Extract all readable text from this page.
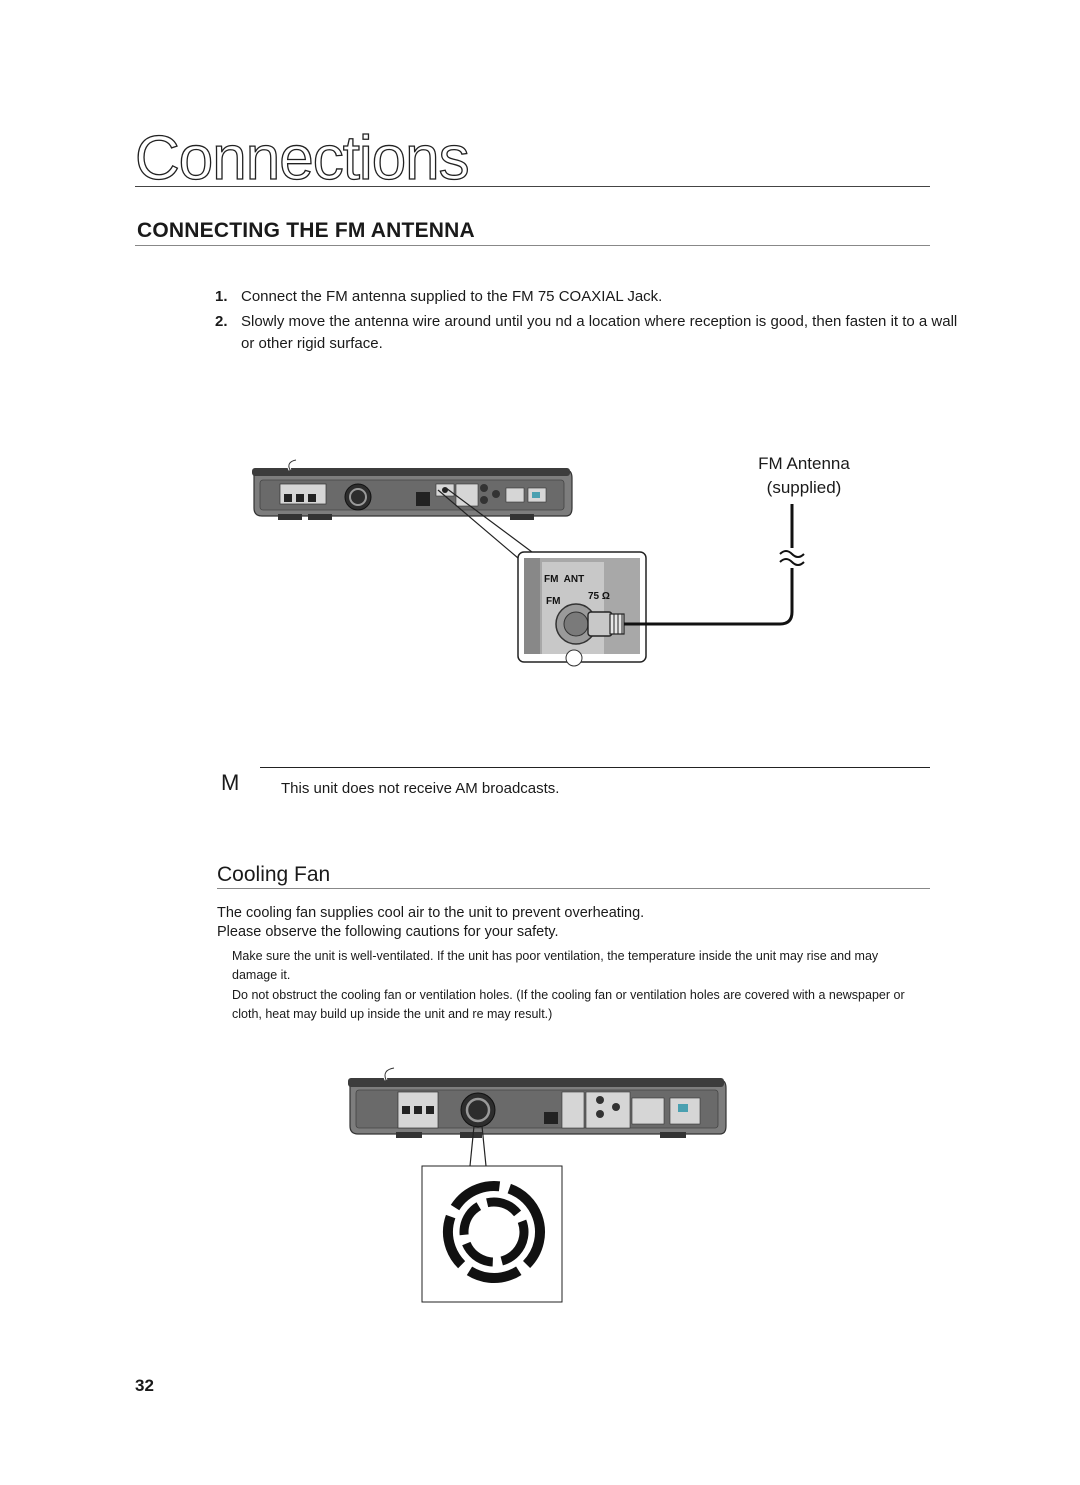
Connections
CONNECTING THE FM ANTENNA
1. Connect the FM antenna supplied to the FM 75 COAXIAL Jack.
2. Slowly move the antenna wire around until you nd a location where reception is good, then fasten it to a wall or other rigid surface.
FM  ANT
FM	75 Ω
FM Antenna
(supplied)
M	This unit does not receive AM broadcasts.
Cooling Fan
The cooling fan supplies cool air to the unit to prevent overheating.
Please observe the following cautions for your safety.
Make sure the unit is well-ventilated. If the unit has poor ventilation, the temperature inside the unit may rise and may damage it.
Do not obstruct the cooling fan or ventilation holes. (If the cooling fan or ventilation holes are covered with a newspaper or cloth, heat may build up inside the unit and re may result.)
32
